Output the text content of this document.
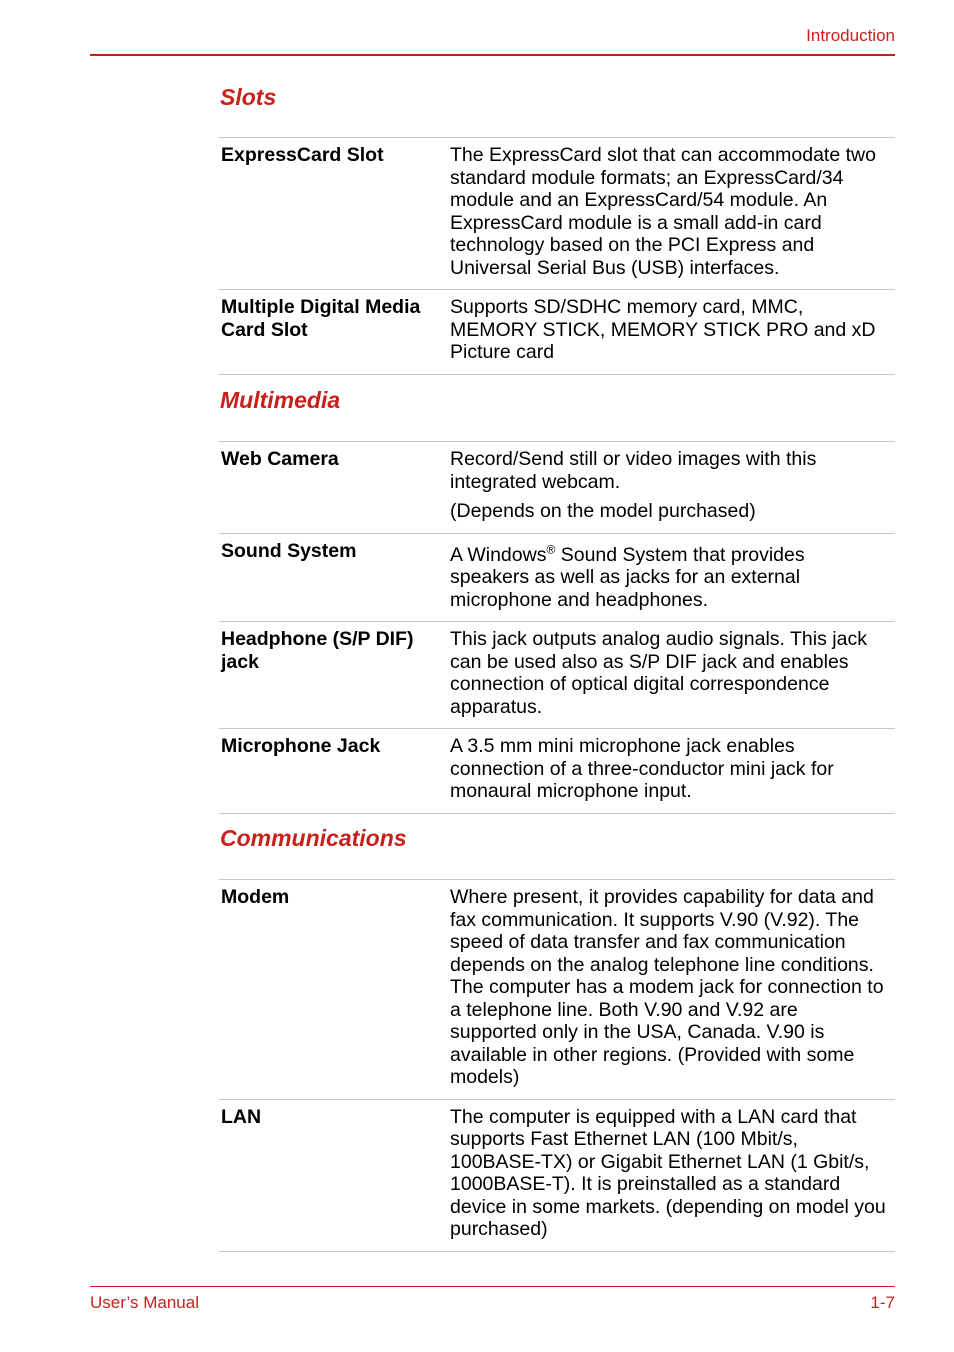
Introduction
Slots
ExpressCard Slot	The ExpressCard slot that can accommodate two standard module formats; an ExpressCard/34 module and an ExpressCard/54 module. An ExpressCard module is a small add-in card technology based on the PCI Express and Universal Serial Bus (USB) interfaces.
Multiple Digital Media Card Slot	Supports SD/SDHC memory card, MMC, MEMORY STICK, MEMORY STICK PRO and xD Picture card
Multimedia
Web Camera	Record/Send still or video images with this integrated webcam.
(Depends on the model purchased)

Sound System	A Windows® Sound System that provides speakers as well as jacks for an external microphone and headphones.
Headphone (S/P DIF) jack	This jack outputs analog audio signals. This jack can be used also as S/P DIF jack and enables connection of optical digital correspondence apparatus.
Microphone Jack	A 3.5 mm mini microphone jack enables connection of a three-conductor mini jack for monaural microphone input.
Communications
Modem	Where present, it provides capability for data and fax communication. It supports V.90 (V.92). The speed of data transfer and fax communication depends on the analog telephone line conditions. The computer has a modem jack for connection to a telephone line. Both V.90 and V.92 are supported only in the USA, Canada. V.90 is available in other regions. (Provided with some models)
LAN	The computer is equipped with a LAN card that supports Fast Ethernet LAN (100 Mbit/s, 100BASE-TX) or Gigabit Ethernet LAN (1 Gbit/s, 1000BASE-T). It is preinstalled as a standard device in some markets. (depending on model you purchased)
User’s Manual	1-7
